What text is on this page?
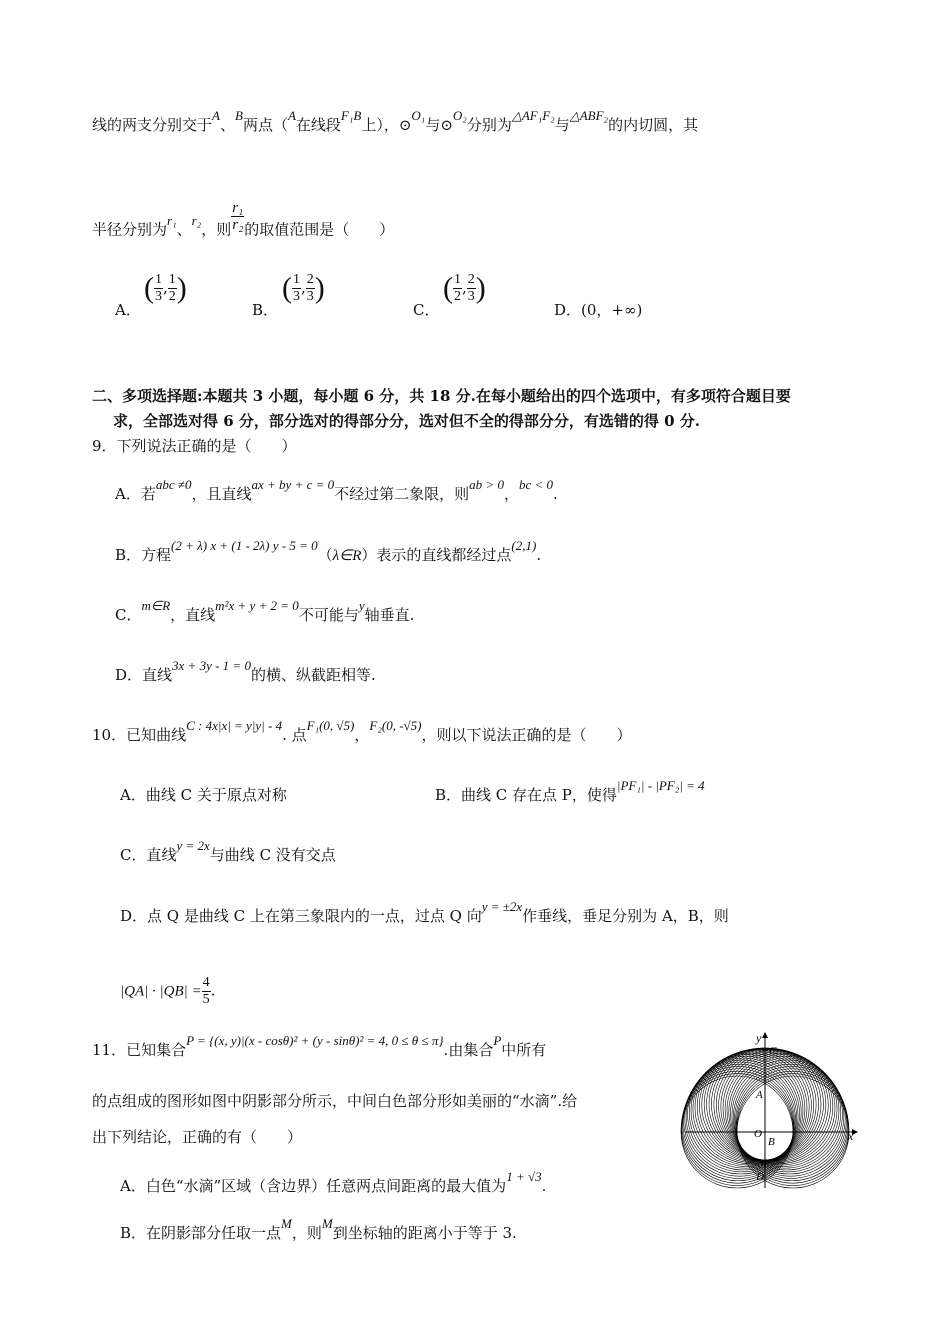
线的两支分别交于A、B两点（A在线段F₁B上），⊙O₁与⊙O₂分别为△AF₁F₂与△ABF₂的内切圆，其
半径分别为r₁、r₂，则 $\frac{\text{r₁}}{\text{r₂}}$ 的取值范围是（　　）
A．
( $\frac{1}{3}$ , $\frac{1}{2}$ )
B．
( $\frac{1}{3}$ , $\frac{2}{3}$ )
C．
( $\frac{1}{2}$ , $\frac{2}{3}$ )
D．(0，+∞)
二、多项选择题:本题共 3 小题，每小题 6 分，共 18 分.在每小题给出的四个选项中，有多项符合题目要
求，全部选对得 6 分，部分选对的得部分分，选对但不全的得部分分，有选错的得 0 分.
9．下列说法正确的是（　　）
A．若abc ≠0，且直线ax + by + c = 0不经过第二象限，则ab > 0，bc < 0.
B．方程(2 + λ) x + (1 - 2λ) y - 5 = 0（λ∈R）表示的直线都经过点(2,1).
C．m∈R，直线m²x + y + 2 = 0不可能与y轴垂直.
D．直线3x + 3y - 1 = 0的横、纵截距相等.
10．已知曲线C : 4x|x| = y|y| - 4. 点F₁(0, √5)，F₂(0, -√5)，则以下说法正确的是（　　）
A．曲线 C 关于原点对称	B．曲线 C 存在点 P，使得|PF₁| - |PF₂| = 4
C．直线y = 2x与曲线 C 没有交点
D．点 Q 是曲线 C 上在第三象限内的一点，过点 Q 向y = ±2x作垂线，垂足分别为 A，B，则
$|QA| \cdot |QB| = \frac{4}{5}$ .
11．已知集合P = {(x, y)|(x - cosθ)² + (y - sinθ)² = 4, 0 ≤ θ ≤ π}.由集合P中所有
的点组成的图形如图中阴影部分所示，中间白色部分形如美丽的“水滴”.给
出下列结论，正确的有（　　）
A．白色“水滴”区域（含边界）任意两点间距离的最大值为1 + √3.
B．在阴影部分任取一点M，则M到坐标轴的距离小于等于 3.
y
x
C
A
O
B
D
